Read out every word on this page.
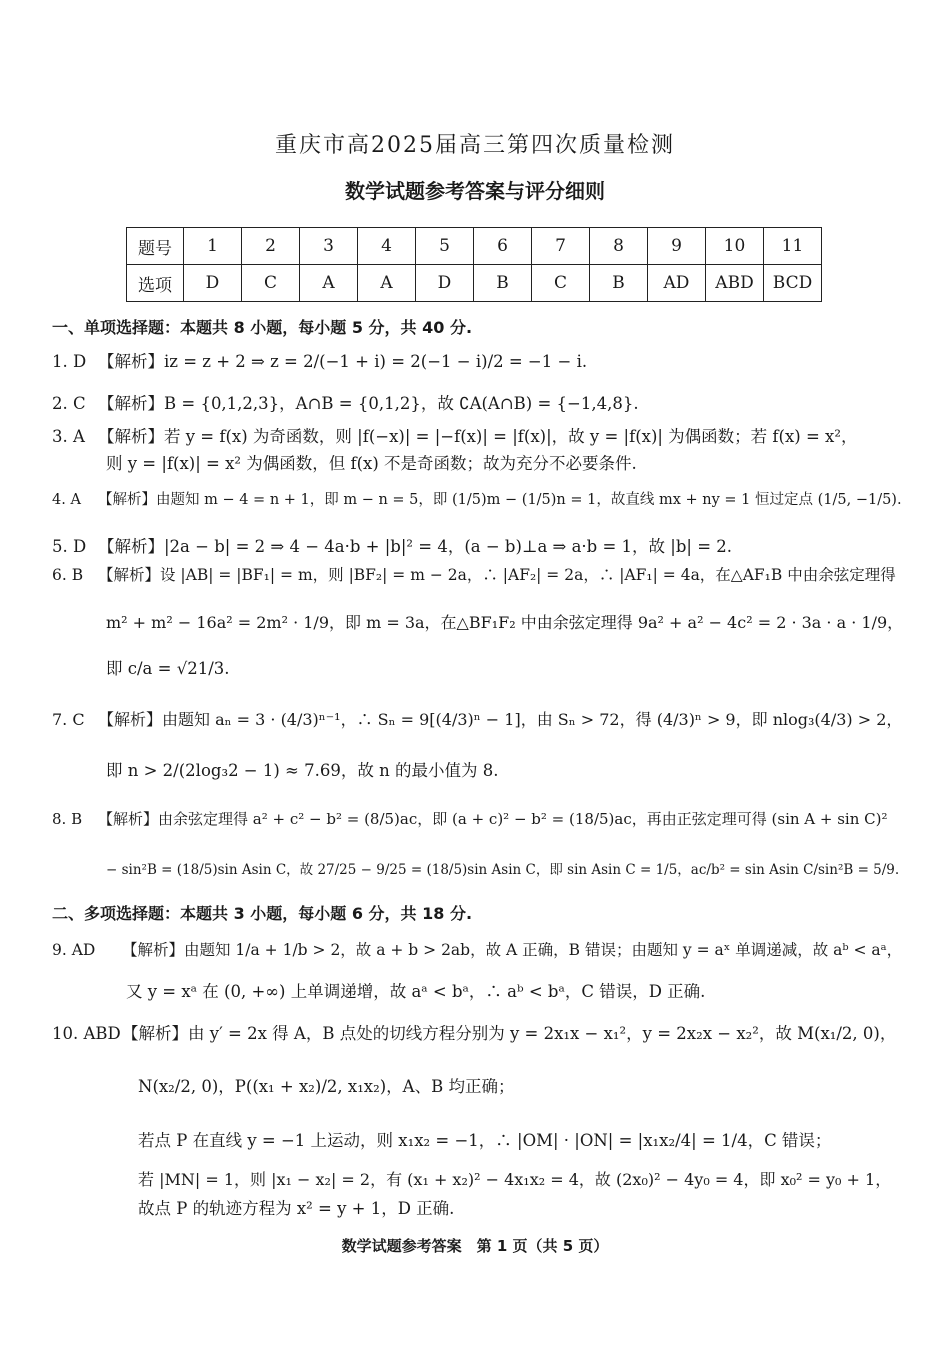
重庆市高2025届高三第四次质量检测
数学试题参考答案与评分细则
题号	1	2	3	4	5	6	7	8	9	10	11
选项	D	C	A	A	D	B	C	B	AD	ABD	BCD
一、单项选择题：本题共 8 小题，每小题 5 分，共 40 分.
1. D 【解析】iz = z + 2 ⇒ z = 2/(−1 + i) = 2(−1 − i)/2 = −1 − i.
2. C 【解析】B = {0,1,2,3}，A∩B = {0,1,2}，故 ∁A(A∩B) = {−1,4,8}.
3. A 【解析】若 y = f(x) 为奇函数，则 |f(−x)| = |−f(x)| = |f(x)|，故 y = |f(x)| 为偶函数；若 f(x) = x²，
则 y = |f(x)| = x² 为偶函数，但 f(x) 不是奇函数；故为充分不必要条件.
4. A 【解析】由题知 m − 4 = n + 1，即 m − n = 5，即 (1/5)m − (1/5)n = 1，故直线 mx + ny = 1 恒过定点 (1/5, −1/5).
5. D 【解析】|2a − b| = 2 ⇒ 4 − 4a·b + |b|² = 4，(a − b)⊥a ⇒ a·b = 1，故 |b| = 2.
6. B 【解析】设 |AB| = |BF₁| = m，则 |BF₂| = m − 2a，∴ |AF₂| = 2a，∴ |AF₁| = 4a，在△AF₁B 中由余弦定理得
m² + m² − 16a² = 2m² · 1/9，即 m = 3a，在△BF₁F₂ 中由余弦定理得 9a² + a² − 4c² = 2 · 3a · a · 1/9，
即 c/a = √21/3.
7. C 【解析】由题知 aₙ = 3 · (4/3)ⁿ⁻¹，∴ Sₙ = 9[(4/3)ⁿ − 1]，由 Sₙ > 72，得 (4/3)ⁿ > 9，即 nlog₃(4/3) > 2，
即 n > 2/(2log₃2 − 1) ≈ 7.69，故 n 的最小值为 8.
8. B 【解析】由余弦定理得 a² + c² − b² = (8/5)ac，即 (a + c)² − b² = (18/5)ac，再由正弦定理可得 (sin A + sin C)²
− sin²B = (18/5)sin Asin C，故 27/25 − 9/25 = (18/5)sin Asin C，即 sin Asin C = 1/5，ac/b² = sin Asin C/sin²B = 5/9.
二、多项选择题：本题共 3 小题，每小题 6 分，共 18 分.
9. AD 【解析】由题知 1/a + 1/b > 2，故 a + b > 2ab，故 A 正确，B 错误；由题知 y = aˣ 单调递减，故 aᵇ < aᵃ，
又 y = xᵃ 在 (0, +∞) 上单调递增，故 aᵃ < bᵃ，∴ aᵇ < bᵃ，C 错误，D 正确.
10. ABD【解析】由 y′ = 2x 得 A，B 点处的切线方程分别为 y = 2x₁x − x₁²，y = 2x₂x − x₂²，故 M(x₁/2, 0)，
N(x₂/2, 0)，P((x₁ + x₂)/2, x₁x₂)，A、B 均正确；
若点 P 在直线 y = −1 上运动，则 x₁x₂ = −1，∴ |OM| · |ON| = |x₁x₂/4| = 1/4，C 错误；
若 |MN| = 1，则 |x₁ − x₂| = 2，有 (x₁ + x₂)² − 4x₁x₂ = 4，故 (2x₀)² − 4y₀ = 4，即 x₀² = y₀ + 1，
故点 P 的轨迹方程为 x² = y + 1，D 正确.
数学试题参考答案　第 1 页（共 5 页）
